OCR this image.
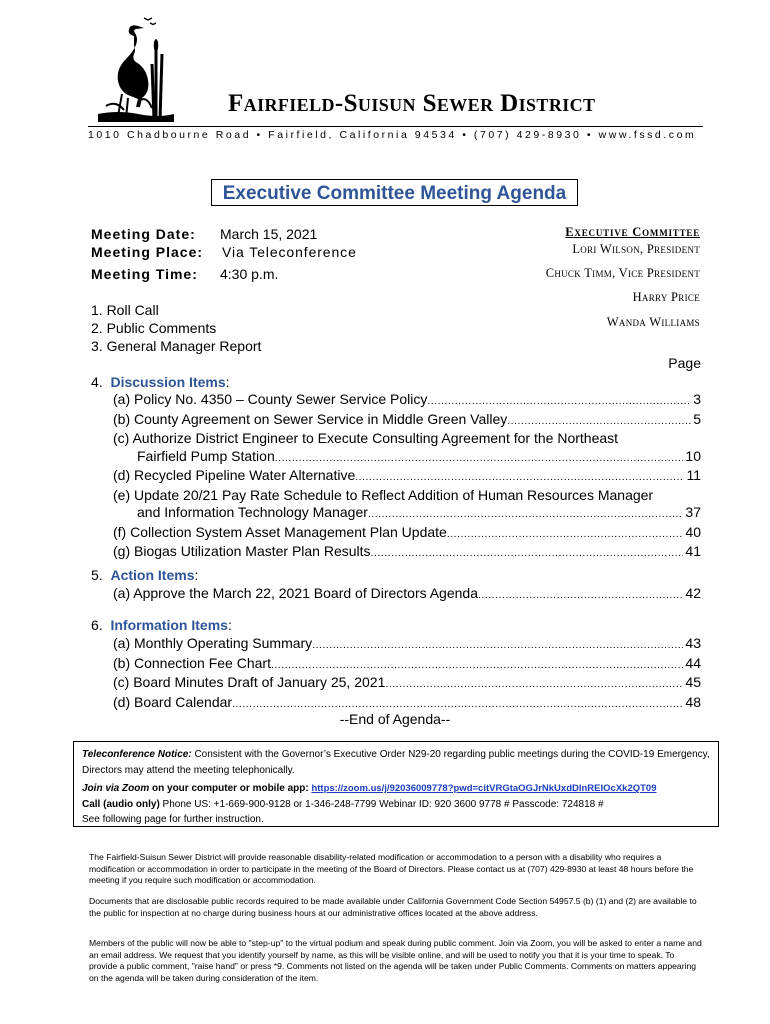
Fairfield-Suisun Sewer District
1010 Chadbourne Road • Fairfield, California 94534 • (707) 429-8930 • www.fssd.com
Executive Committee Meeting Agenda
Meeting Date: March 15, 2021
Meeting Place: Via Teleconference
Meeting Time: 4:30 p.m.
Executive Committee
Lori Wilson, President
Chuck Timm, Vice President
Harry Price
Wanda Williams
1. Roll Call
2. Public Comments
3. General Manager Report
Page
4. Discussion Items:
(a) Policy No. 4350 – County Sewer Service Policy .....	3
(b) County Agreement on Sewer Service in Middle Green Valley .....	5
(c) Authorize District Engineer to Execute Consulting Agreement for the Northeast
Fairfield Pump Station .....	10
(d) Recycled Pipeline Water Alternative .....	11
(e) Update 20/21 Pay Rate Schedule to Reflect Addition of Human Resources Manager
and Information Technology Manager .....	37
(f) Collection System Asset Management Plan Update .....	40
(g) Biogas Utilization Master Plan Results .....	41
5. Action Items:
(a) Approve the March 22, 2021 Board of Directors Agenda .....	42
6. Information Items:
(a) Monthly Operating Summary .....	43
(b) Connection Fee Chart .....	44
(c) Board Minutes Draft of January 25, 2021 .....	45
(d) Board Calendar .....	48
--End of Agenda--
Teleconference Notice: Consistent with the Governor’s Executive Order N29-20 regarding public meetings during the COVID-19 Emergency, Directors may attend the meeting telephonically.
Join via Zoom on your computer or mobile app: https://zoom.us/j/92036009778?pwd=citVRGtaOGJrNkUxdDlnREIOcXk2QT09
Call (audio only) Phone US: +1-669-900-9128 or 1-346-248-7799 Webinar ID: 920 3600 9778 # Passcode: 724818 #
See following page for further instruction.
The Fairfield-Suisun Sewer District will provide reasonable disability-related modification or accommodation to a person with a disability who requires a modification or accommodation in order to participate in the meeting of the Board of Directors. Please contact us at (707) 429-8930 at least 48 hours before the meeting if you require such modification or accommodation.
Documents that are disclosable public records required to be made available under California Government Code Section 54957.5 (b) (1) and (2) are available to the public for inspection at no charge during business hours at our administrative offices located at the above address.
Members of the public will now be able to "step-up" to the virtual podium and speak during public comment. Join via Zoom, you will be asked to enter a name and an email address. We request that you identify yourself by name, as this will be visible online, and will be used to notify you that it is your time to speak. To provide a public comment, "raise hand" or press *9. Comments not listed on the agenda will be taken under Public Comments. Comments on matters appearing on the agenda will be taken during consideration of the item.
